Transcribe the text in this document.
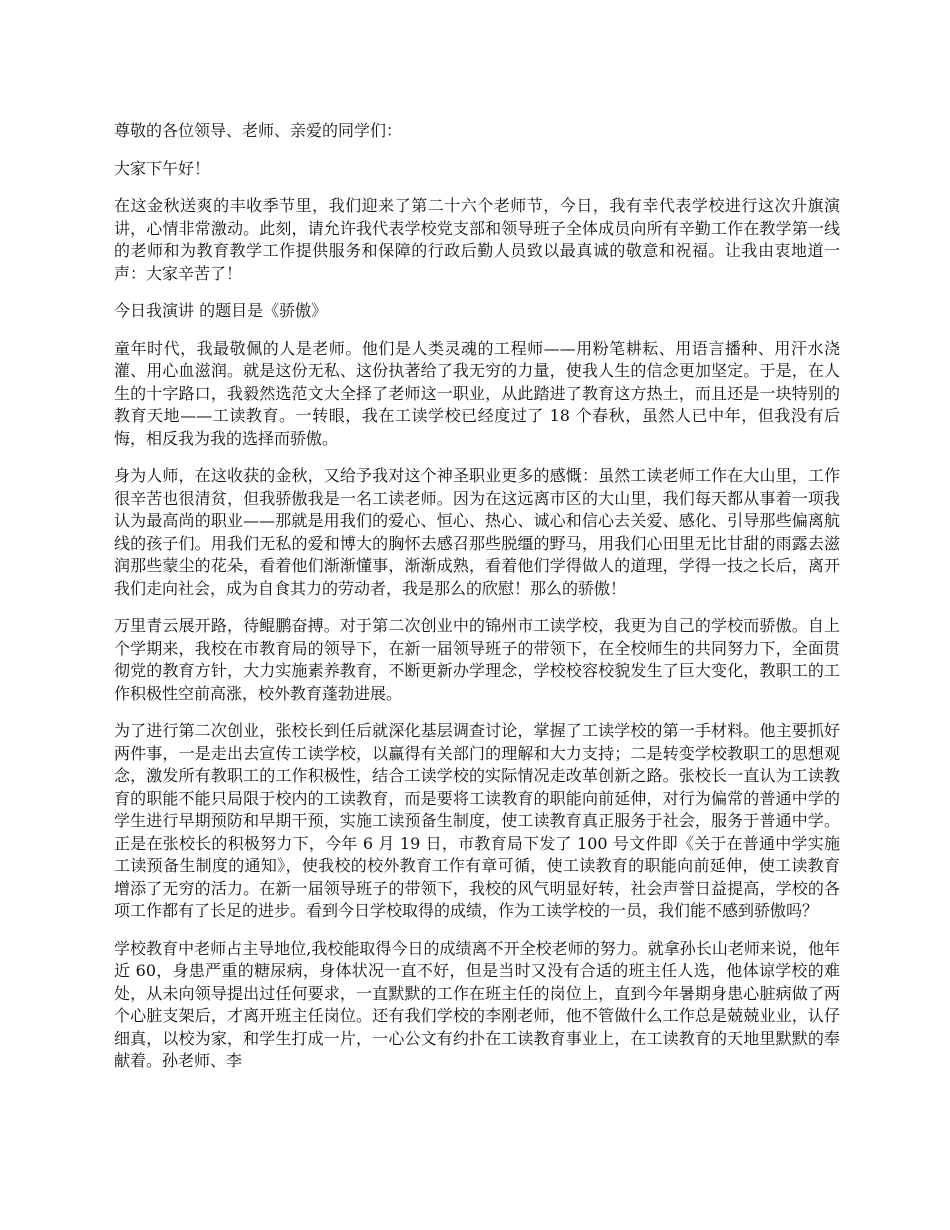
尊敬的各位领导、老师、亲爱的同学们：

大家下午好！

在这金秋送爽的丰收季节里，我们迎来了第二十六个老师节，今日，我有幸代表学校进行这次升旗演讲，心情非常激动。此刻，请允许我代表学校党支部和领导班子全体成员向所有辛勤工作在教学第一线的老师和为教育教学工作提供服务和保障的行政后勤人员致以最真诚的敬意和祝福。让我由衷地道一声：大家辛苦了！

今日我演讲 的题目是《骄傲》

童年时代，我最敬佩的人是老师。他们是人类灵魂的工程师——用粉笔耕耘、用语言播种、用汗水浇灌、用心血滋润。就是这份无私、这份执著给了我无穷的力量，使我人生的信念更加坚定。于是，在人生的十字路口，我毅然选范文大全择了老师这一职业，从此踏进了教育这方热土，而且还是一块特别的教育天地——工读教育。一转眼，我在工读学校已经度过了 18 个春秋，虽然人已中年，但我没有后悔，相反我为我的选择而骄傲。

身为人师，在这收获的金秋，又给予我对这个神圣职业更多的感慨：虽然工读老师工作在大山里，工作很辛苦也很清贫，但我骄傲我是一名工读老师。因为在这远离市区的大山里，我们每天都从事着一项我认为最高尚的职业——那就是用我们的爱心、恒心、热心、诚心和信心去关爱、感化、引导那些偏离航线的孩子们。用我们无私的爱和博大的胸怀去感召那些脱缰的野马，用我们心田里无比甘甜的雨露去滋润那些蒙尘的花朵，看着他们渐渐懂事，渐渐成熟，看着他们学得做人的道理，学得一技之长后，离开我们走向社会，成为自食其力的劳动者，我是那么的欣慰！那么的骄傲！

万里青云展开路，待鲲鹏奋搏。对于第二次创业中的锦州市工读学校，我更为自己的学校而骄傲。自上个学期来，我校在市教育局的领导下，在新一届领导班子的带领下，在全校师生的共同努力下，全面贯彻党的教育方针，大力实施素养教育，不断更新办学理念，学校校容校貌发生了巨大变化，教职工的工作积极性空前高涨，校外教育蓬勃进展。

为了进行第二次创业，张校长到任后就深化基层调查讨论，掌握了工读学校的第一手材料。他主要抓好两件事，一是走出去宣传工读学校，以赢得有关部门的理解和大力支持；二是转变学校教职工的思想观念，激发所有教职工的工作积极性，结合工读学校的实际情况走改革创新之路。张校长一直认为工读教育的职能不能只局限于校内的工读教育，而是要将工读教育的职能向前延伸，对行为偏常的普通中学的学生进行早期预防和早期干预，实施工读预备生制度，使工读教育真正服务于社会，服务于普通中学。正是在张校长的积极努力下，今年 6 月 19 日，市教育局下发了 100 号文件即《关于在普通中学实施工读预备生制度的通知》，使我校的校外教育工作有章可循，使工读教育的职能向前延伸，使工读教育增添了无穷的活力。在新一届领导班子的带领下，我校的风气明显好转，社会声誉日益提高，学校的各项工作都有了长足的进步。看到今日学校取得的成绩，作为工读学校的一员，我们能不感到骄傲吗？

学校教育中老师占主导地位,我校能取得今日的成绩离不开全校老师的努力。就拿孙长山老师来说，他年近 60，身患严重的糖尿病，身体状况一直不好，但是当时又没有合适的班主任人选，他体谅学校的难处，从未向领导提出过任何要求，一直默默的工作在班主任的岗位上，直到今年暑期身患心脏病做了两个心脏支架后，才离开班主任岗位。还有我们学校的李刚老师，他不管做什么工作总是兢兢业业，认仔细真，以校为家，和学生打成一片，一心公文有约扑在工读教育事业上，在工读教育的天地里默默的奉献着。孙老师、李
